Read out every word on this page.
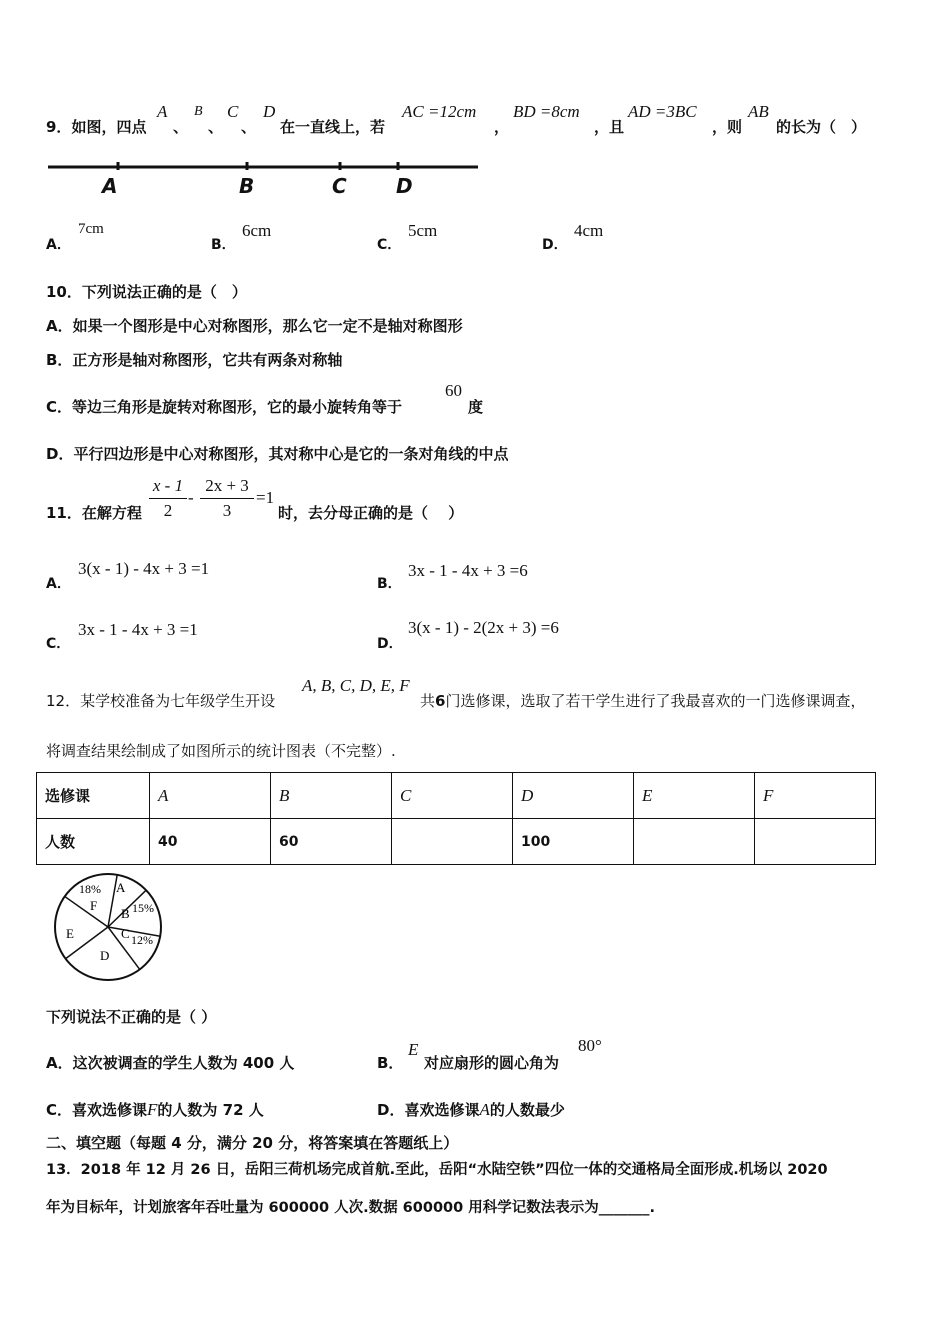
9．如图，四点
A
、
B
、
C
、
D
在一直线上，若
AC =12cm
，
BD =8cm
，且
AD =3BC
，则
AB
的长为（　）
A	B	C D
A．
7cm
B．
6cm
C．
5cm
D．
4cm
10．下列说法正确的是（　）
A．如果一个图形是中心对称图形，那么它一定不是轴对称图形
B．正方形是轴对称图形，它共有两条对称轴
C．等边三角形是旋转对称图形，它的最小旋转角等于
60
度
D．平行四边形是中心对称图形，其对称中心是它的一条对角线的中点
11．在解方程
x - 1
2
-
2x + 3
3
=1
时，去分母正确的是（　 ）
A．
3(x - 1) - 4x + 3 =1
B．
3x - 1 - 4x + 3 =6
C．
3x - 1 - 4x + 3 =1
D．
3(x - 1) - 2(2x + 3) =6
12．某学校准备为七年级学生开设
A, B, C, D, E, F
共6门选修课，选取了若干学生进行了我最喜欢的一门选修课调查，
将调查结果绘制成了如图所示的统计图表（不完整）.
选修课	A	B	C	D	E	F
人数	40	60		100		
18% A
F
B 15%
C 12%
E
D
下列说法不正确的是（ ）
A．这次被调查的学生人数为 400 人	B．
E
对应扇形的圆心角为
80°
C．喜欢选修课F的人数为 72 人	D．喜欢选修课A的人数最少
二、填空题（每题 4 分，满分 20 分，将答案填在答题纸上）
13．2018 年 12 月 26 日，岳阳三荷机场完成首航.至此，岳阳“水陆空铁”四位一体的交通格局全面形成.机场以 2020
年为目标年，计划旅客年吞吐量为 600000 人次.数据 600000 用科学记数法表示为_______.
